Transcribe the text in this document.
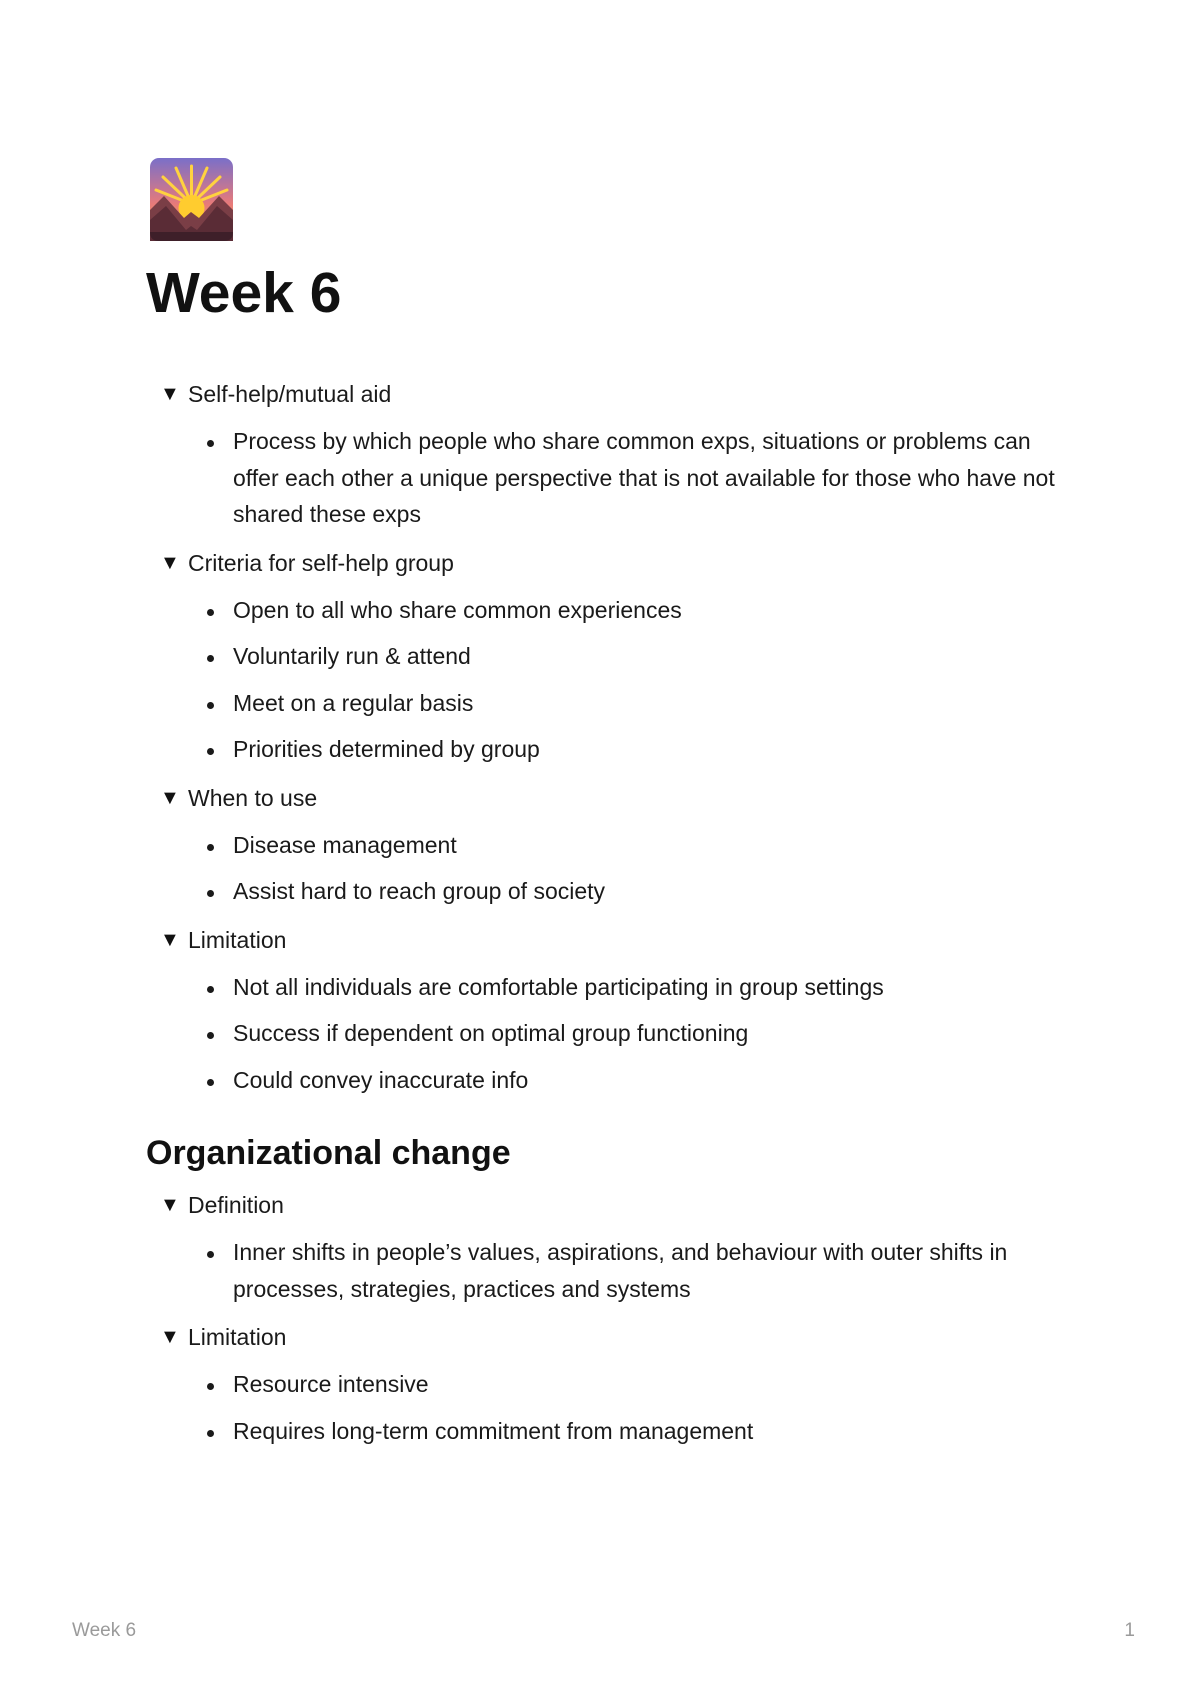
Week 6
▼ Self-help/mutual aid
Process by which people who share common exps, situations or problems can offer each other a unique perspective that is not available for those who have not shared these exps
▼ Criteria for self-help group
Open to all who share common experiences
Voluntarily run & attend
Meet on a regular basis
Priorities determined by group
▼ When to use
Disease management
Assist hard to reach group of society
▼ Limitation
Not all individuals are comfortable participating in group settings
Success if dependent on optimal group functioning
Could convey inaccurate info
Organizational change
▼ Definition
Inner shifts in people’s values, aspirations, and behaviour with outer shifts in processes, strategies, practices and systems
▼ Limitation
Resource intensive
Requires long-term commitment from management
Week 6	1
